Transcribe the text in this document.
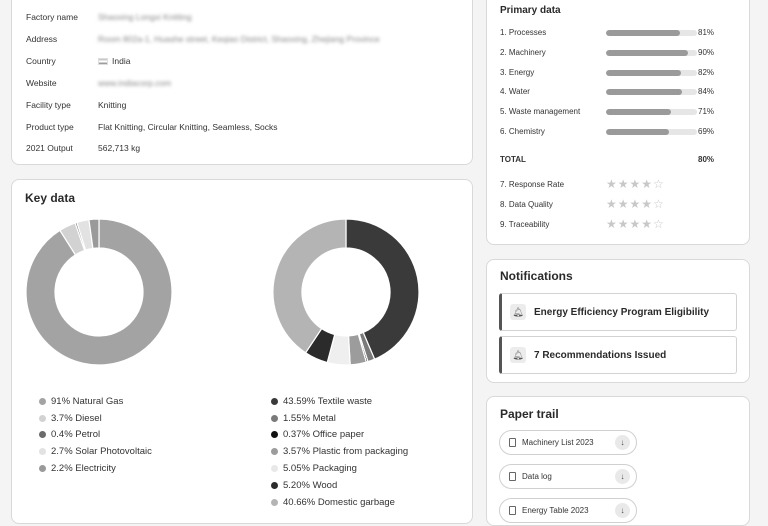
Factory name	Shaoxing Longxi Knitting
Address	Room 802a-1, Huashe street, Keqiao District, Shaoxing, Zhejiang Province
Country	India
Website	www.indiacorp.com
Facility type	Knitting
Product type	Flat Knitting, Circular Knitting, Seamless, Socks
2021 Output	562,713 kg
Key data
91% Natural Gas
3.7% Diesel
0.4% Petrol
2.7% Solar Photovoltaic
2.2% Electricity
43.59% Textile waste
1.55% Metal
0.37% Office paper
3.57% Plastic from packaging
5.05% Packaging
5.20% Wood
40.66% Domestic garbage
Primary data
1. Processes	81%
2. Machinery	90%
3. Energy	82%
4. Water	84%
5. Waste management	71%
6. Chemistry	69%
TOTAL	80%
7. Response Rate	★★★★☆
8. Data Quality	★★★★☆
9. Traceability	★★★★☆
Notifications
🔔︎ Energy Efficiency Program Eligibility
🔔︎ 7 Recommendations Issued
Paper trail
Machinery List 2023	↓
Data log	↓
Energy Table 2023	↓
